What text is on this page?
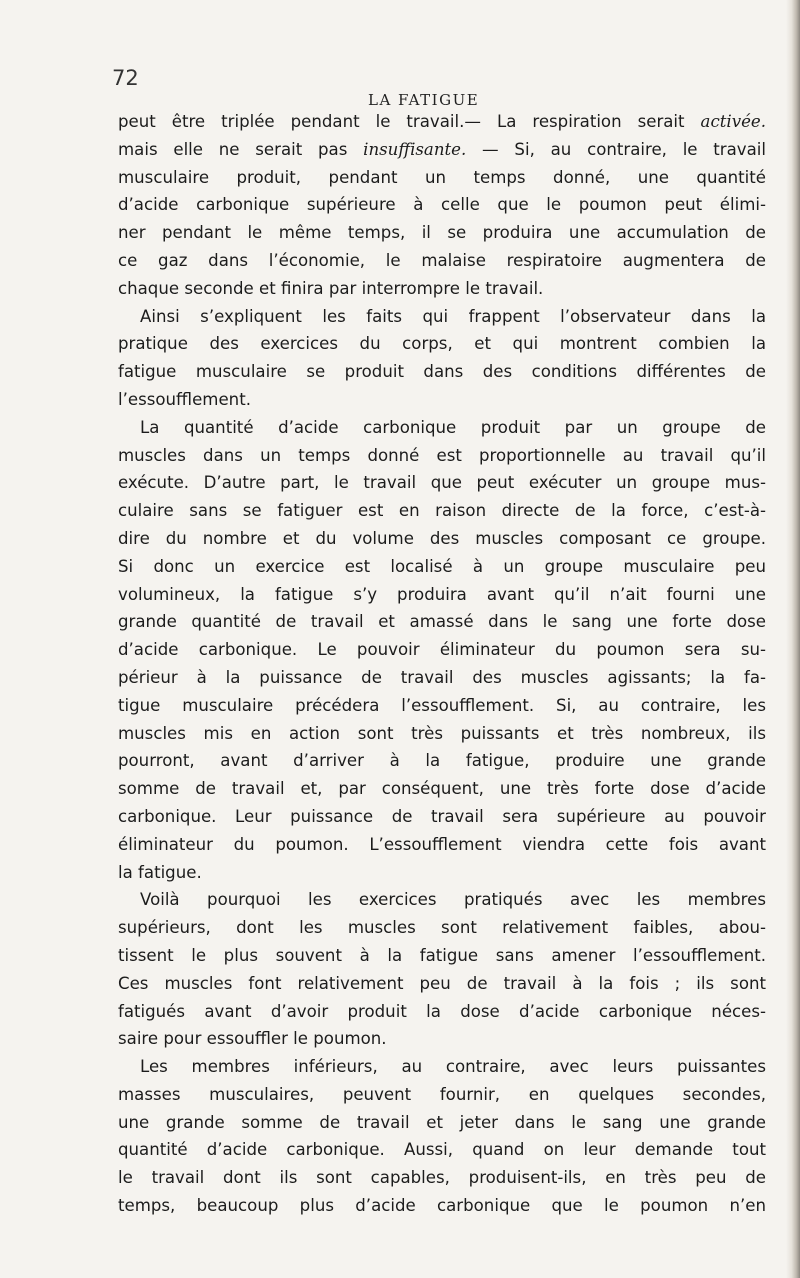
72
LA FATIGUE
peut être triplée pendant le travail.— La respiration serait activée.
mais elle ne serait pas insuffisante. — Si, au contraire, le travail
musculaire produit, pendant un temps donné, une quantité
d’acide carbonique supérieure à celle que le poumon peut élimi-
ner pendant le même temps, il se produira une accumulation de
ce gaz dans l’économie, le malaise respiratoire augmentera de
chaque seconde et finira par interrompre le travail.
Ainsi s’expliquent les faits qui frappent l’observateur dans la
pratique des exercices du corps, et qui montrent combien la
fatigue musculaire se produit dans des conditions différentes de
l’essoufflement.
La quantité d’acide carbonique produit par un groupe de
muscles dans un temps donné est proportionnelle au travail qu’il
exécute. D’autre part, le travail que peut exécuter un groupe mus-
culaire sans se fatiguer est en raison directe de la force, c’est-à-
dire du nombre et du volume des muscles composant ce groupe.
Si donc un exercice est localisé à un groupe musculaire peu
volumineux, la fatigue s’y produira avant qu’il n’ait fourni une
grande quantité de travail et amassé dans le sang une forte dose
d’acide carbonique. Le pouvoir éliminateur du poumon sera su-
périeur à la puissance de travail des muscles agissants; la fa-
tigue musculaire précédera l’essoufflement. Si, au contraire, les
muscles mis en action sont très puissants et très nombreux, ils
pourront, avant d’arriver à la fatigue, produire une grande
somme de travail et, par conséquent, une très forte dose d’acide
carbonique. Leur puissance de travail sera supérieure au pouvoir
éliminateur du poumon. L’essoufflement viendra cette fois avant
la fatigue.
Voilà pourquoi les exercices pratiqués avec les membres
supérieurs, dont les muscles sont relativement faibles, abou-
tissent le plus souvent à la fatigue sans amener l’essoufflement.
Ces muscles font relativement peu de travail à la fois ; ils sont
fatigués avant d’avoir produit la dose d’acide carbonique néces-
saire pour essouffler le poumon.
Les membres inférieurs, au contraire, avec leurs puissantes
masses musculaires, peuvent fournir, en quelques secondes,
une grande somme de travail et jeter dans le sang une grande
quantité d’acide carbonique. Aussi, quand on leur demande tout
le travail dont ils sont capables, produisent-ils, en très peu de
temps, beaucoup plus d’acide carbonique que le poumon n’en
